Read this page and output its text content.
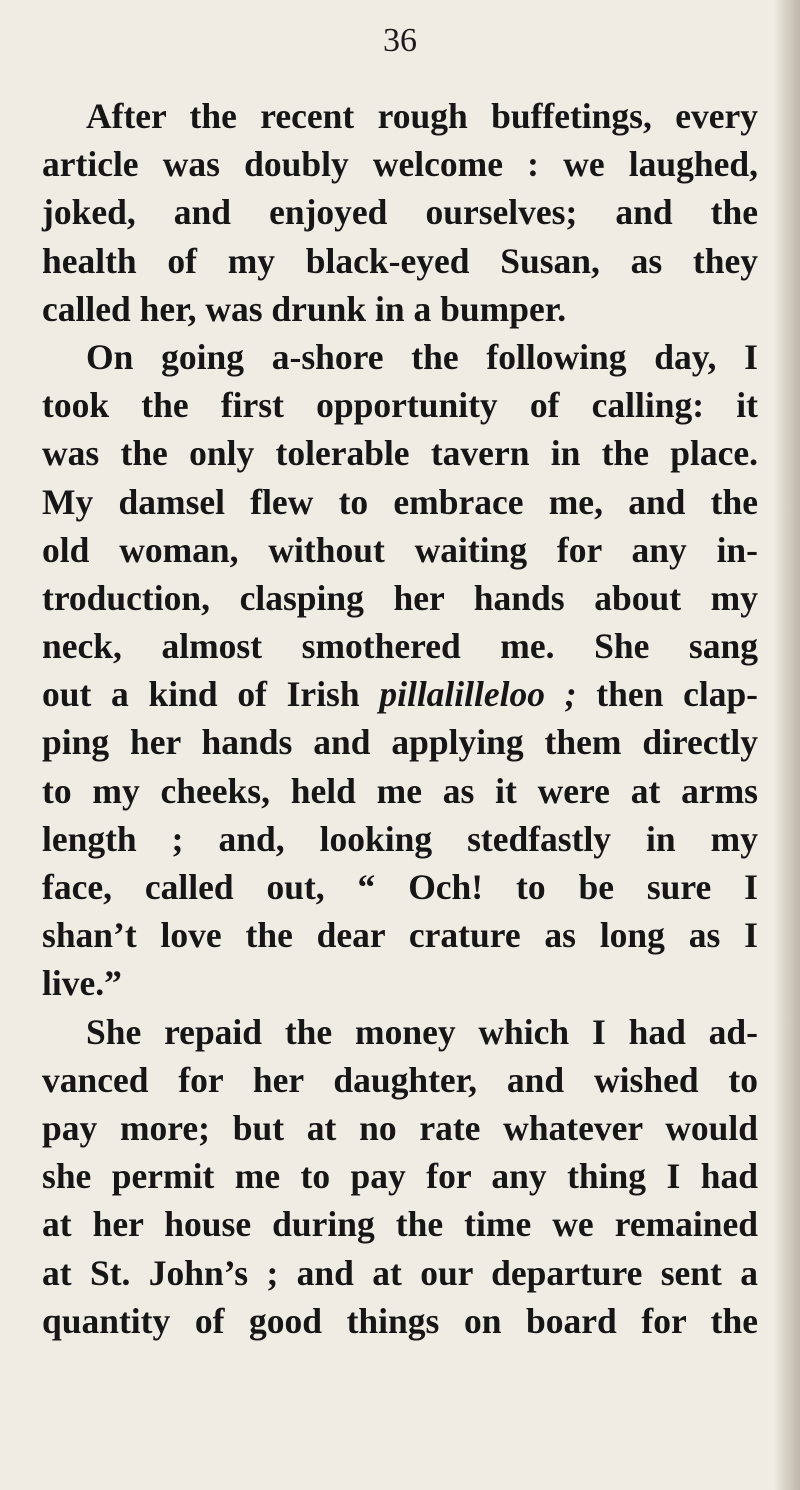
36
After the recent rough buffetings, every
article was doubly welcome : we laughed,
joked, and enjoyed ourselves; and the
health of my black-eyed Susan, as they
called her, was drunk in a bumper.
On going a-shore the following day, I
took the first opportunity of calling: it
was the only tolerable tavern in the place.
My damsel flew to embrace me, and the
old woman, without waiting for any in-
troduction, clasping her hands about my
neck, almost smothered me. She sang
out a kind of Irish pillalilleloo ; then clap-
ping her hands and applying them directly
to my cheeks, held me as it were at arms
length ; and, looking stedfastly in my
face, called out, “ Och! to be sure I
shan’t love the dear crature as long as I
live.”
She repaid the money which I had ad-
vanced for her daughter, and wished to
pay more; but at no rate whatever would
she permit me to pay for any thing I had
at her house during the time we remained
at St. John’s ; and at our departure sent a
quantity of good things on board for the
